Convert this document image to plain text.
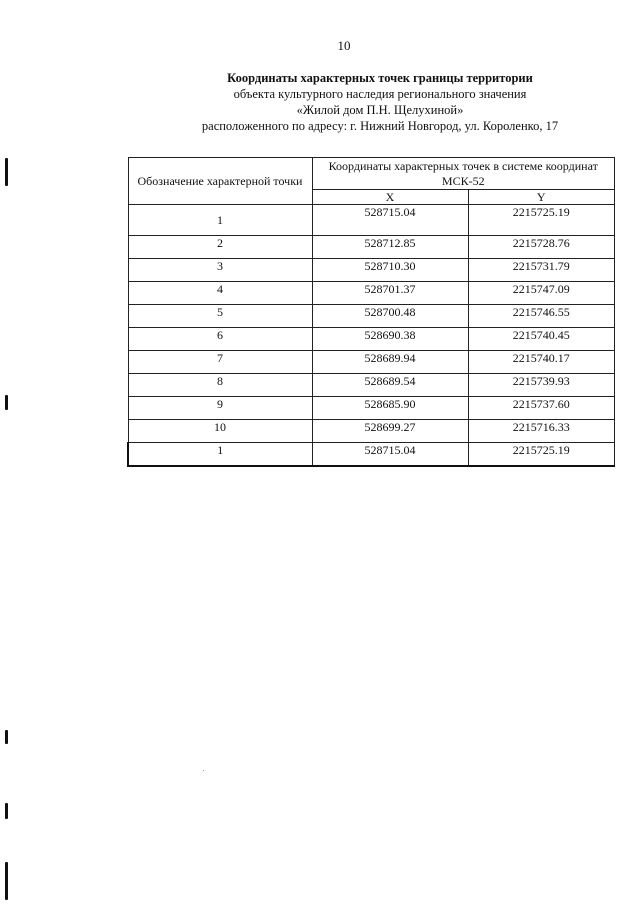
10
Координаты характерных точек границы территории
объекта культурного наследия регионального значения
«Жилой дом П.Н. Щелухиной»
расположенного по адресу: г. Нижний Новгород, ул. Короленко, 17
Обозначение характерной точки	Координаты характерных точек в системе координат МСК-52	
	X	Y
1	528715.04	2215725.19
2	528712.85	2215728.76
3	528710.30	2215731.79
4	528701.37	2215747.09
5	528700.48	2215746.55
6	528690.38	2215740.45
7	528689.94	2215740.17
8	528689.54	2215739.93
9	528685.90	2215737.60
10	528699.27	2215716.33
1	528715.04	2215725.19
